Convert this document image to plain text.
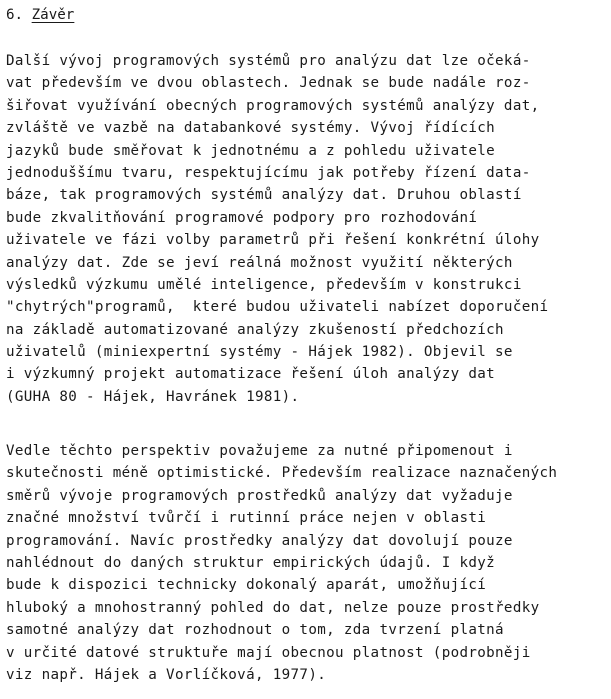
6. Závěr
Další vývoj programových systémů pro analýzu dat lze očeká-
vat především ve dvou oblastech. Jednak se bude nadále roz-
šiřovat využívání obecných programových systémů analýzy dat,
zvláště ve vazbě na databankové systémy. Vývoj řídících
jazyků bude směřovat k jednotnému a z pohledu uživatele
jednoduššímu tvaru, respektujícímu jak potřeby řízení data-
báze, tak programových systémů analýzy dat. Druhou oblastí
bude zkvalitňování programové podpory pro rozhodování
uživatele ve fázi volby parametrů při řešení konkrétní úlohy
analýzy dat. Zde se jeví reálná možnost využití některých
výsledků výzkumu umělé inteligence, především v konstrukci
"chytrých"programů,  které budou uživateli nabízet doporučení
na základě automatizované analýzy zkušeností předchozích
uživatelů (miniexpertní systémy - Hájek 1982). Objevil se
i výzkumný projekt automatizace řešení úloh analýzy dat
(GUHA 80 - Hájek, Havránek 1981).
Vedle těchto perspektiv považujeme za nutné připomenout i
skutečnosti méně optimistické. Především realizace naznačených
směrů vývoje programových prostředků analýzy dat vyžaduje
značné množství tvůrčí i rutinní práce nejen v oblasti
programování. Navíc prostředky analýzy dat dovolují pouze
nahlédnout do daných struktur empirických údajů. I když
bude k dispozici technicky dokonalý aparát, umožňující
hluboký a mnohostranný pohled do dat, nelze pouze prostředky
samotné analýzy dat rozhodnout o tom, zda tvrzení platná
v určité datové struktuře mají obecnou platnost (podrobněji
viz např. Hájek a Vorlíčková, 1977).
